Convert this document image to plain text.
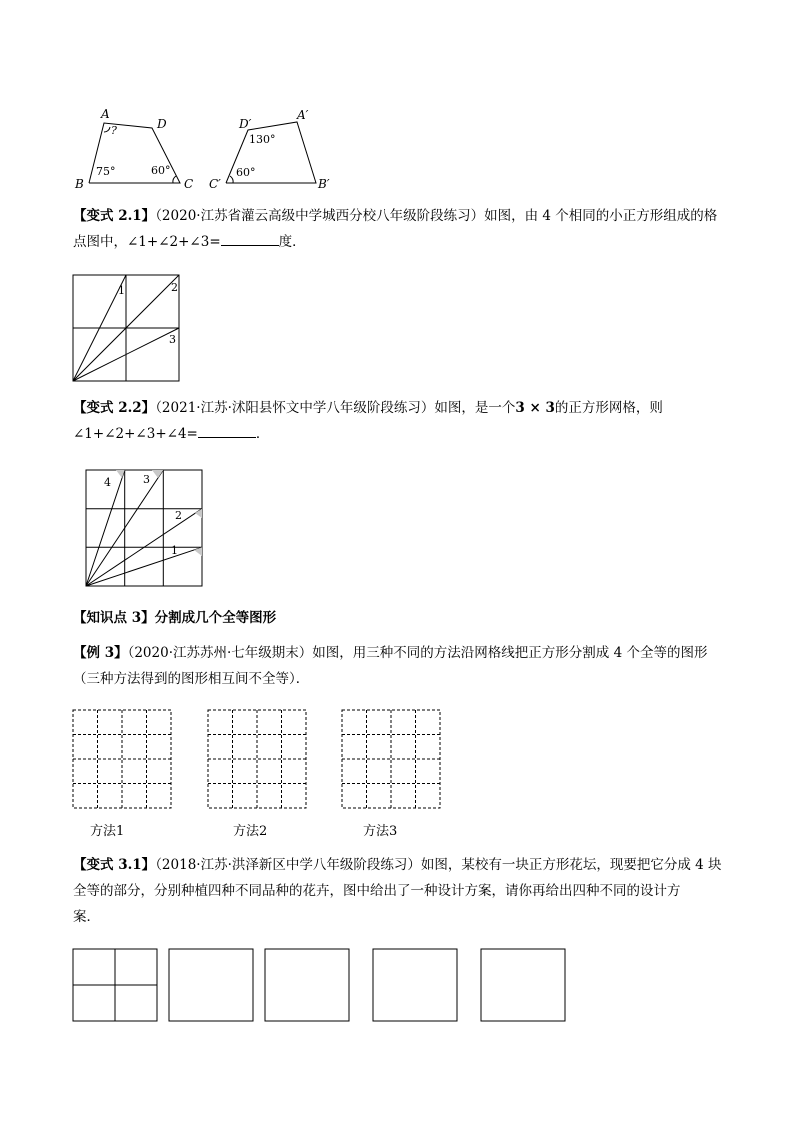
A
D
B	C
?
75°	60°
D′
A′
C′	B′
130°
60°
【变式 2.1】（2020·江苏省灌云高级中学城西分校八年级阶段练习）如图，由 4 个相同的小正方形组成的格
点图中，∠1+∠2+∠3=	度．
1	2
3
【变式 2.2】（2021·江苏·沭阳县怀文中学八年级阶段练习）如图，是一个3 × 3的正方形网格，则
∠1+∠2+∠3+∠4=	．
4	3
2
1
【知识点 3】分割成几个全等图形
【例 3】（2020·江苏苏州·七年级期末）如图，用三种不同的方法沿网格线把正方形分割成 4 个全等的图形
（三种方法得到的图形相互间不全等）．
方法1	方法2	方法3
【变式 3.1】（2018·江苏·洪泽新区中学八年级阶段练习）如图，某校有一块正方形花坛，现要把它分成 4 块
全等的部分，分别种植四种不同品种的花卉，图中给出了一种设计方案，请你再给出四种不同的设计方
案．
